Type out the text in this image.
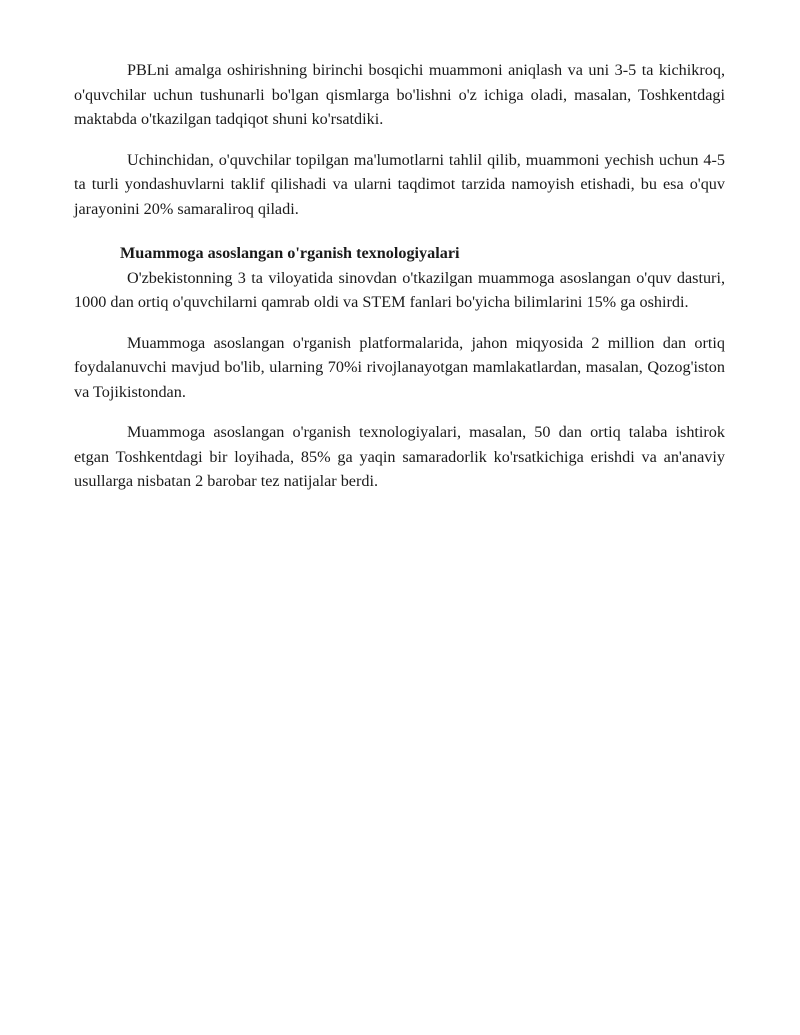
PBLni amalga oshirishning birinchi bosqichi muammoni aniqlash va uni 3-5 ta kichikroq, o'quvchilar uchun tushunarli bo'lgan qismlarga bo'lishni o'z ichiga oladi, masalan, Toshkentdagi maktabda o'tkazilgan tadqiqot shuni ko'rsatdiki.

Uchinchidan, o'quvchilar topilgan ma'lumotlarni tahlil qilib, muammoni yechish uchun 4-5 ta turli yondashuvlarni taklif qilishadi va ularni taqdimot tarzida namoyish etishadi, bu esa o'quv jarayonini 20% samaraliroq qiladi.

Muammoga asoslangan o'rganish texnologiyalari

O'zbekistonning 3 ta viloyatida sinovdan o'tkazilgan muammoga asoslangan o'quv dasturi, 1000 dan ortiq o'quvchilarni qamrab oldi va STEM fanlari bo'yicha bilimlarini 15% ga oshirdi.

Muammoga asoslangan o'rganish platformalarida, jahon miqyosida 2 million dan ortiq foydalanuvchi mavjud bo'lib, ularning 70%i rivojlanayotgan mamlakatlardan, masalan, Qozog'iston va Tojikistondan.

Muammoga asoslangan o'rganish texnologiyalari, masalan, 50 dan ortiq talaba ishtirok etgan Toshkentdagi bir loyihada, 85% ga yaqin samaradorlik ko'rsatkichiga erishdi va an'anaviy usullarga nisbatan 2 barobar tez natijalar berdi.
